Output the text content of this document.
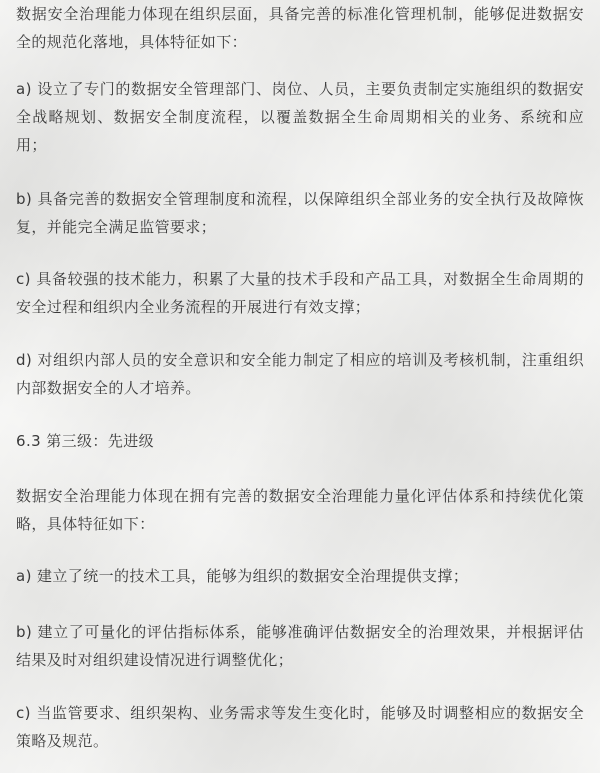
数据安全治理能力体现在组织层面，具备完善的标准化管理机制，能够促进数据安全的规范化落地，具体特征如下：

a) 设立了专门的数据安全管理部门、岗位、人员，主要负责制定实施组织的数据安全战略规划、数据安全制度流程，以覆盖数据全生命周期相关的业务、系统和应用；

b) 具备完善的数据安全管理制度和流程，以保障组织全部业务的安全执行及故障恢复，并能完全满足监管要求；

c) 具备较强的技术能力，积累了大量的技术手段和产品工具，对数据全生命周期的安全过程和组织内全业务流程的开展进行有效支撑；

d) 对组织内部人员的安全意识和安全能力制定了相应的培训及考核机制，注重组织内部数据安全的人才培养。

6.3 第三级：先进级

数据安全治理能力体现在拥有完善的数据安全治理能力量化评估体系和持续优化策略，具体特征如下：

a) 建立了统一的技术工具，能够为组织的数据安全治理提供支撑；

b) 建立了可量化的评估指标体系，能够准确评估数据安全的治理效果，并根据评估结果及时对组织建设情况进行调整优化；

c) 当监管要求、组织架构、业务需求等发生变化时，能够及时调整相应的数据安全策略及规范。
